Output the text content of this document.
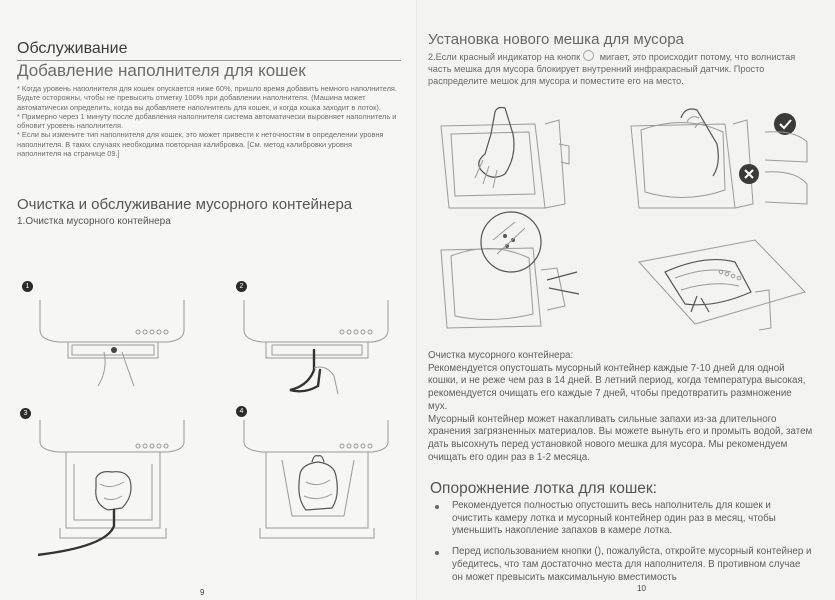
Обслуживание
Добавление наполнителя для кошек

* Когда уровень наполнителя для кошек опускается ниже 60%, пришло время добавить немного наполнителя. Будьте осторожны, чтобы не превысить отметку 100% при добавлении наполнителя. (Машина может автоматически определить, когда вы добавляете наполнитель для кошек, и когда кошка заходит в лоток).

* Примерно через 1 минуту после добавления наполнителя система автоматически выровняет наполнитель и обновит уровень наполнителя.

* Если вы измените тип наполнителя для кошек, это может привести к неточностям в определении уровня наполнителя. В таких случаях необходима повторная калибровка. [См. метод калибровки уровня наполнителя на странице 09.]

Очистка и обслуживание мусорного контейнера
1.Очистка мусорного контейнера
1	2
3	4
9
Установка нового мешка для мусора
2.Если красный индикатор на кнопк мигает, это происходит потому, что волнистая часть мешка для мусора блокирует внутренний инфракрасный датчик. Просто распределите мешок для мусора и поместите его на место.

Очистка мусорного контейнера:

Рекомендуется опустошать мусорный контейнер каждые 7-10 дней для одной кошки, и не реже чем раз в 14 дней. В летний период, когда температура высокая, рекомендуется очищать его каждые 7 дней, чтобы предотвратить размножение мух.

Мусорный контейнер может накапливать сильные запахи из-за длительного хранения загрязненных материалов. Вы можете вынуть его и промыть водой, затем дать высохнуть перед установкой нового мешка для мусора. Мы рекомендуем очищать его один раз в 1-2 месяца.

Опорожнение лотка для кошек:
Рекомендуется полностью опустошить весь наполнитель для кошек и очистить камеру лотка и мусорный контейнер один раз в месяц, чтобы уменьшить накопление запахов в камере лотка.
Перед использованием кнопки (), пожалуйста, откройте мусорный контейнер и убедитесь, что там достаточно места для наполнителя. В противном случае он может превысить максимальную вместимость
10
